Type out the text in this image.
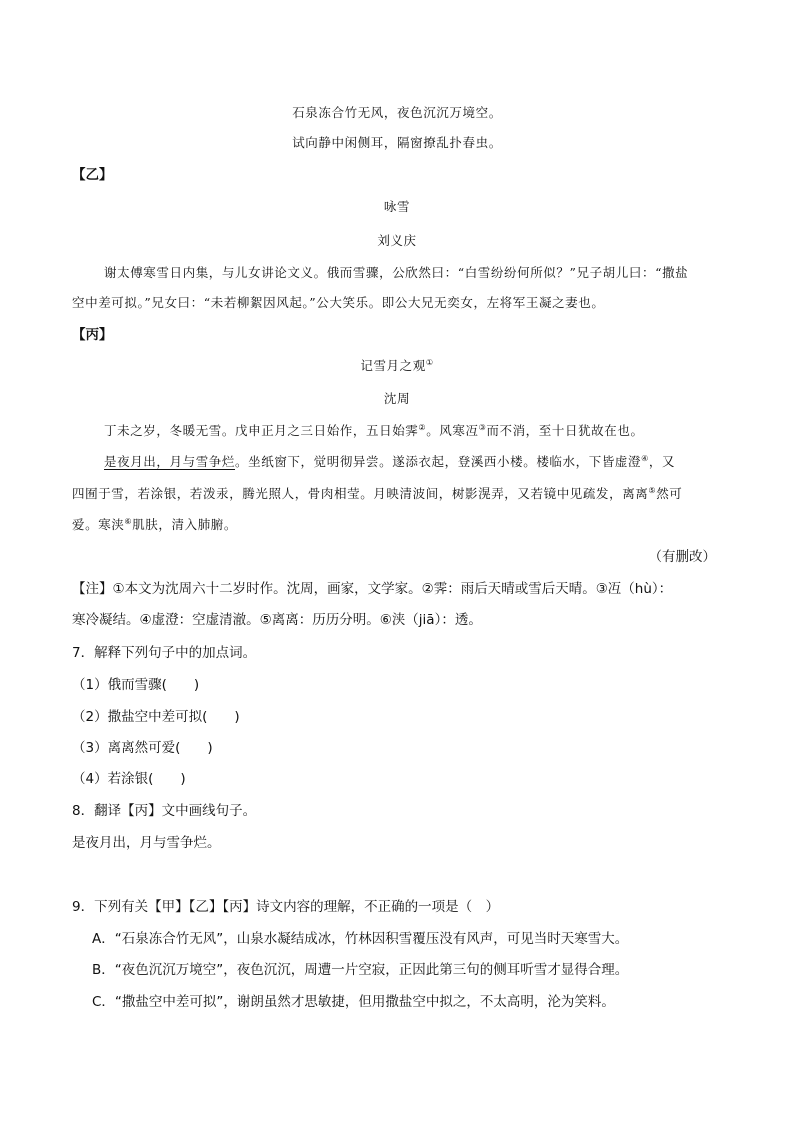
石泉冻合竹无风，夜色沉沉万境空。
试向静中闲侧耳，隔窗撩乱扑春虫。
【乙】
咏雪
刘义庆
谢太傅寒雪日内集，与儿女讲论文义。俄而雪骤，公欣然曰：“白雪纷纷何所似？”兄子胡儿曰：“撒盐
空中差可拟。”兄女曰：“未若柳絮因风起。”公大笑乐。即公大兄无奕女，左将军王凝之妻也。
【丙】
记雪月之观①
沈周
丁未之岁，冬暖无雪。戊申正月之三日始作，五日始霁②。风寒冱③而不消，至十日犹故在也。
是夜月出，月与雪争烂。坐纸窗下，觉明彻异尝。遂添衣起，登溪西小楼。楼临水，下皆虚澄④，又
四囿于雪，若涂银，若泼汞，腾光照人，骨肉相莹。月映清波间，树影滉弄，又若镜中见疏发，离离⑤然可
爱。寒浃⑥肌肤，清入肺腑。
（有删改）
【注】①本文为沈周六十二岁时作。沈周，画家，文学家。②霁：雨后天晴或雪后天晴。③冱（hù）：
寒冷凝结。④虚澄：空虚清澈。⑤离离：历历分明。⑥浃（jiā）：透。
7．解释下列句子中的加点词。
（1）俄而雪骤(　　)
（2）撒盐空中差可拟(　　)
（3）离离然可爱(　　)
（4）若涂银(　　)
8．翻译【丙】文中画线句子。
是夜月出，月与雪争烂。
9．下列有关【甲】【乙】【丙】诗文内容的理解，不正确的一项是（　）
A．“石泉冻合竹无风”，山泉水凝结成冰，竹林因积雪覆压没有风声，可见当时天寒雪大。
B．“夜色沉沉万境空”，夜色沉沉，周遭一片空寂，正因此第三句的侧耳听雪才显得合理。
C．“撒盐空中差可拟”，谢朗虽然才思敏捷，但用撒盐空中拟之，不太高明，沦为笑料。
